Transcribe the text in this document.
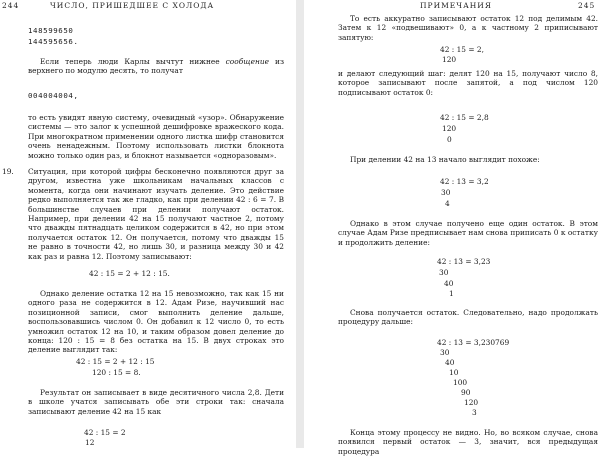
244	ЧИСЛО, ПРИШЕДШЕЕ С ХОЛОДА
148599650
144595656.
Если теперь люди Карлы вычтут нижнее сообщение из верхнего по модулю десять, то получат
004004004,
то есть увидят явную систему, очевидный «узор». Обнаружение системы — это залог к успешной дешифровке вражеского кода. При многократном применении одного листка шифр становится очень ненадежным. Поэтому использовать листки блокнота можно только один раз, и блокнот называется «одноразовым».
19. Ситуация, при которой цифры бесконечно появляются друг за другом, известна уже школьникам начальных классов с момента, когда они начинают изучать деление. Это действие редко выполняется так же гладко, как при делении 42 : 6 = 7. В большинстве случаев при делении получают остаток. Например, при делении 42 на 15 получают частное 2, потому что дважды пятнадцать целиком содержится в 42, но при этом получается остаток 12. Он получается, потому что дважды 15 не равно в точности 42, но лишь 30, и разница между 30 и 42 как раз и равна 12. Поэтому записывают:
42 : 15 = 2 + 12 : 15.
Однако деление остатка 12 на 15 невозможно, так как 15 ни одного раза не содержится в 12. Адам Ризе, научивший нас позиционной записи, смог выполнить деление дальше, воспользовавшись числом 0. Он добавил к 12 число 0, то есть умножил остаток 12 на 10, и таким образом довел деление до конца: 120 : 15 = 8 без остатка на 15. В двух строках это деление выглядит так:
42 : 15 = 2 + 12 : 15
120 : 15 = 8.
Результат он записывает в виде десятичного числа 2,8. Дети в школе учатся записывать обе эти строки так: сначала записывают деление 42 на 15 как
42 : 15 = 2
12
ПРИМЕЧАНИЯ	245
То есть аккуратно записывают остаток 12 под делимым 42. Затем к 12 «подвешивают» 0, а к частному 2 приписывают запятую:
42 : 15 = 2,
120
и делают следующий шаг: делят 120 на 15, получают число 8, которое записывают после запятой, а под числом 120 подписывают остаток 0:
42 : 15 = 2,8
120
0
При делении 42 на 13 начало выглядит похоже:
42 : 13 = 3,2
30
4
Однако в этом случае получено еще один остаток. В этом случае Адам Ризе предписывает нам снова приписать 0 к остатку и продолжить деление:
42 : 13 = 3,23
30
40
1
Снова получается остаток. Следовательно, надо продолжать процедуру дальше:
42 : 13 = 3,230769
30
40
10
100
90
120
3
Конца этому процессу не видно. Но, во всяком случае, снова появился первый остаток — 3, значит, вся предыдущая процедура
